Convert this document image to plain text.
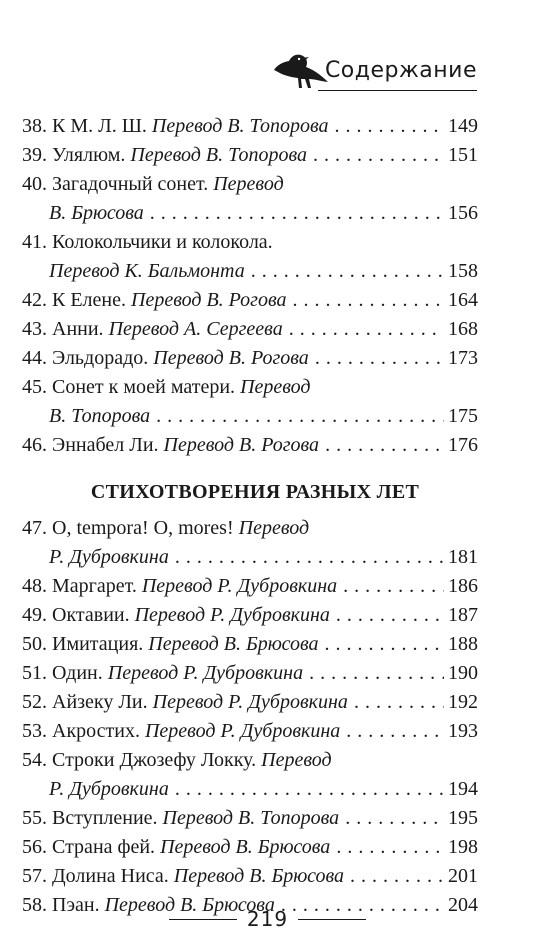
Содержание
38.
К М. Л. Ш.
Перевод В. Топорова . . .	149
39.
Улялюм.
Перевод В. Топорова . . .	151
40.
Загадочный сонет.
Перевод
В. Брюсова . . .	156
41.
Колокольчики и колокола.
Перевод К. Бальмонта . . .	158
42.
К Елене.
Перевод В. Рогова . . .	164
43.
Анни.
Перевод А. Сергеева . . .	168
44.
Эльдорадо.
Перевод В. Рогова . . .	173
45.
Сонет к моей матери.
Перевод
В. Топорова . . .	175
46.
Эннабел Ли.
Перевод В. Рогова . . .	176
СТИХОТВОРЕНИЯ РАЗНЫХ ЛЕТ
47.
O, tempora! O, mores!
Перевод
Р. Дубровкина . . .	181
48.
Маргарет.
Перевод Р. Дубровкина . . .	186
49.
Октавии.
Перевод Р. Дубровкина . . .	187
50.
Имитация.
Перевод В. Брюсова . . .	188
51.
Один.
Перевод Р. Дубровкина . . .	190
52.
Айзеку Ли.
Перевод Р. Дубровкина . . .	192
53.
Акростих.
Перевод Р. Дубровкина . . .	193
54.
Строки Джозефу Локку.
Перевод
Р. Дубровкина . . .	194
55.
Вступление.
Перевод В. Топорова . . .	195
56.
Страна фей.
Перевод В. Брюсова . . .	198
57.
Долина Ниса.
Перевод В. Брюсова . . .	201
58.
Пэан.
Перевод В. Брюсова . . .	204
219
